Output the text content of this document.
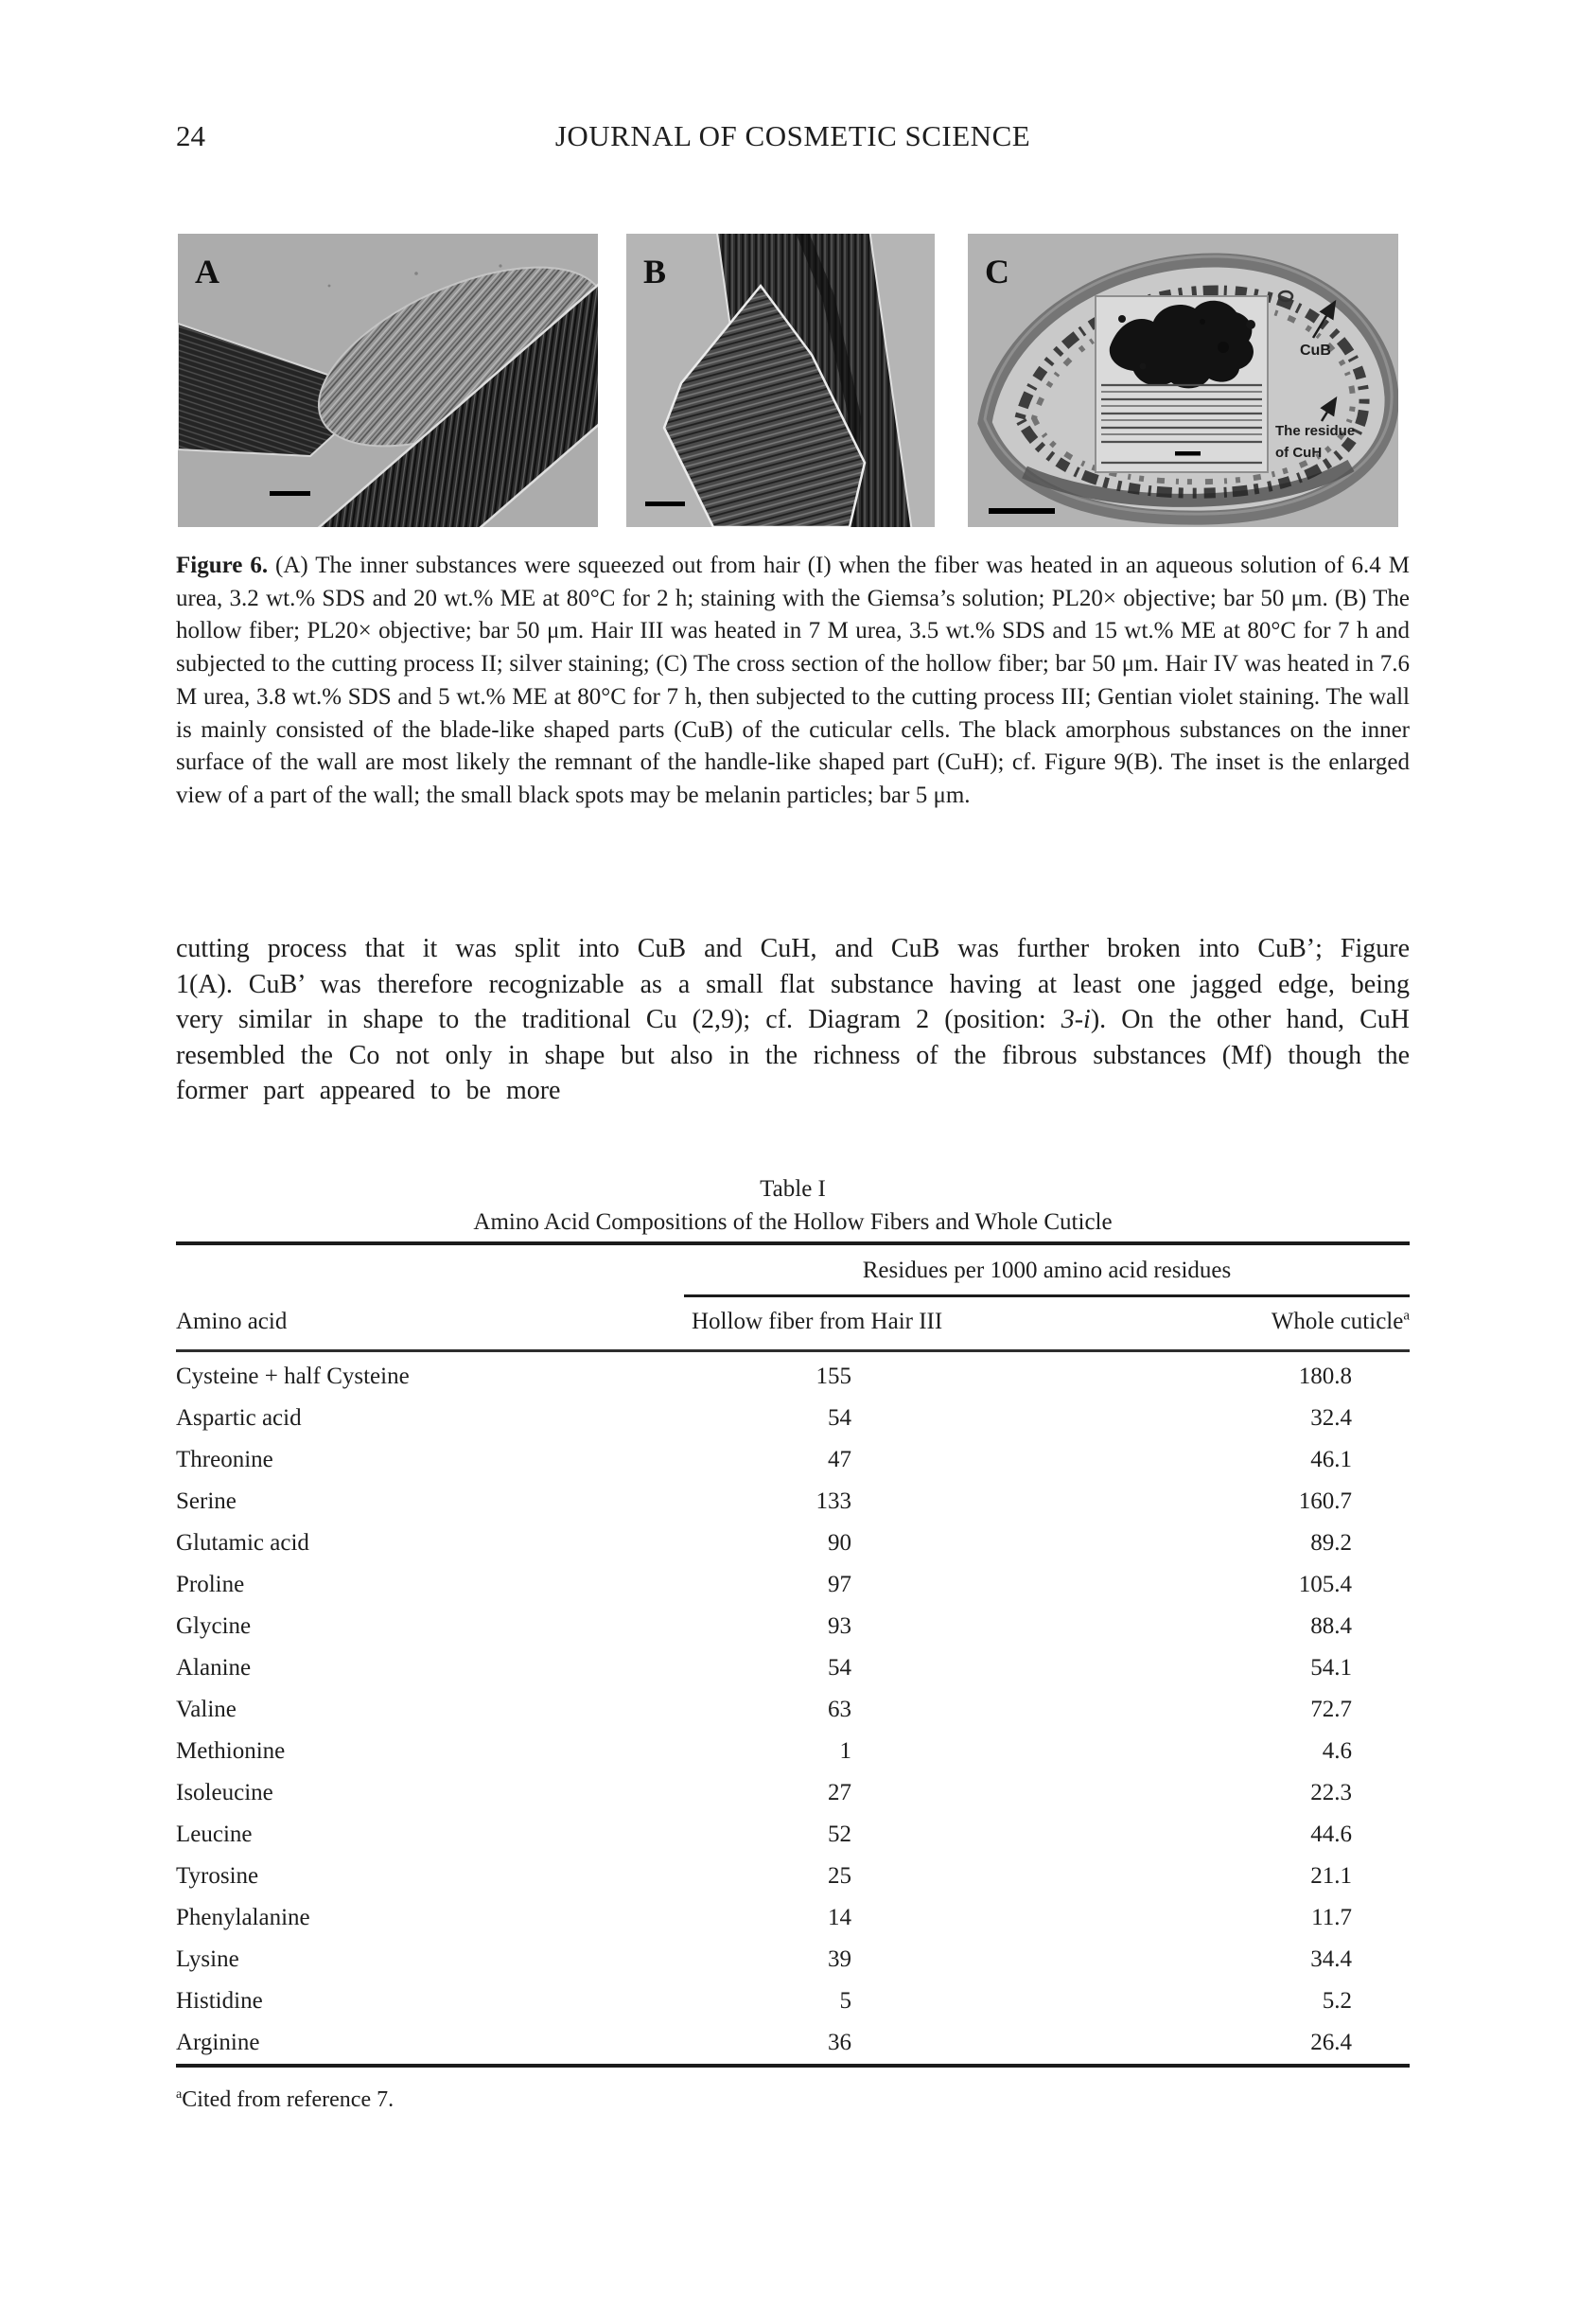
24	JOURNAL OF COSMETIC SCIENCE
A	B
CuB
The residue
of CuH
C

Figure 6. (A) The inner substances were squeezed out from hair (I) when the fiber was heated in an aqueous solution of 6.4 M urea, 3.2 wt.% SDS and 20 wt.% ME at 80°C for 2 h; staining with the Giemsa’s solution; PL20× objective; bar 50 μm. (B) The hollow fiber; PL20× objective; bar 50 μm. Hair III was heated in 7 M urea, 3.5 wt.% SDS and 15 wt.% ME at 80°C for 7 h and subjected to the cutting process II; silver staining; (C) The cross section of the hollow fiber; bar 50 μm. Hair IV was heated in 7.6 M urea, 3.8 wt.% SDS and 5 wt.% ME at 80°C for 7 h, then subjected to the cutting process III; Gentian violet staining. The wall is mainly consisted of the blade-like shaped parts (CuB) of the cuticular cells. The black amorphous substances on the inner surface of the wall are most likely the remnant of the handle-like shaped part (CuH); cf. Figure 9(B). The inset is the enlarged view of a part of the wall; the small black spots may be melanin particles; bar 5 μm.

cutting process that it was split into CuB and CuH, and CuB was further broken into CuB’; Figure 1(A). CuB’ was therefore recognizable as a small flat substance having at least one jagged edge, being very similar in shape to the traditional Cu (2,9); cf. Diagram 2 (position: 3-i). On the other hand, CuH resembled the Co not only in shape but also in the richness of the fibrous substances (Mf) though the former part appeared to be more

Table I
Amino Acid Compositions of the Hollow Fibers and Whole Cuticle
Residues per 1000 amino acid residues
Amino acid	Hollow fiber from Hair III	Whole cuticle$^a$
Cysteine + half Cysteine	155	180.8
Aspartic acid	54	32.4
Threonine	47	46.1
Serine	133	160.7
Glutamic acid	90	89.2
Proline	97	105.4
Glycine	93	88.4
Alanine	54	54.1
Valine	63	72.7
Methionine	1	4.6
Isoleucine	27	22.3
Leucine	52	44.6
Tyrosine	25	21.1
Phenylalanine	14	11.7
Lysine	39	34.4
Histidine	5	5.2
Arginine	36	26.4
$^a$Cited from reference 7.
